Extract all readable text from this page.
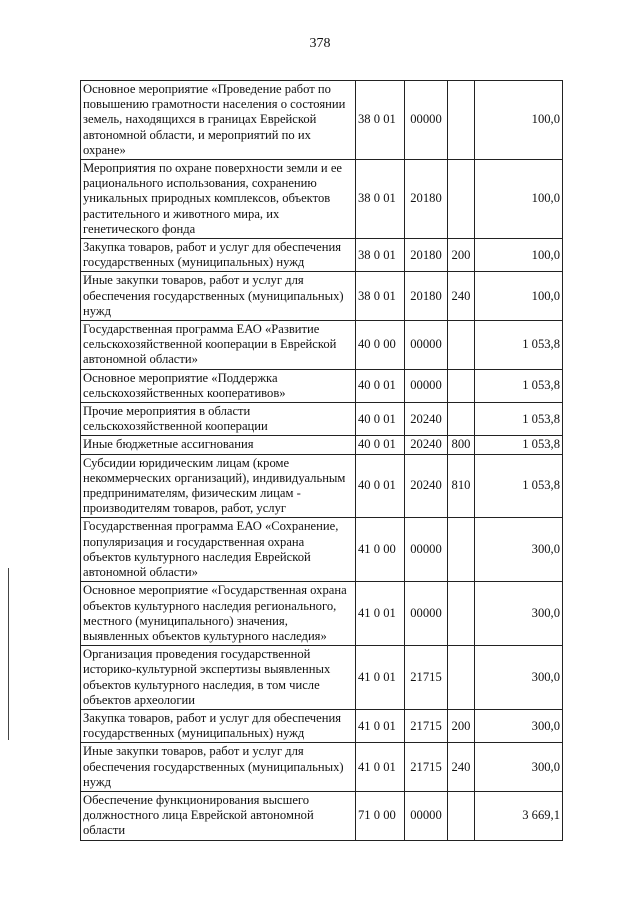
378
Основное мероприятие «Проведение работ по повышению грамотности населения о состоянии земель, находящихся в границах Еврейской автономной области, и мероприятий по их охране»	38 0 01	00000		100,0
Мероприятия по охране поверхности земли и ее рационального использования, сохранению уникальных природных комплексов, объектов растительного и животного мира, их генетического фонда	38 0 01	20180		100,0
Закупка товаров, работ и услуг для обеспечения государственных (муниципальных) нужд	38 0 01	20180	200	100,0
Иные закупки товаров, работ и услуг для обеспечения государственных (муниципальных) нужд	38 0 01	20180	240	100,0
Государственная программа ЕАО «Развитие сельскохозяйственной кооперации в Еврейской автономной области»	40 0 00	00000		1 053,8
Основное мероприятие «Поддержка сельскохозяйственных кооперативов»	40 0 01	00000		1 053,8
Прочие мероприятия в области сельскохозяйственной кооперации	40 0 01	20240		1 053,8
Иные бюджетные ассигнования	40 0 01	20240	800	1 053,8
Субсидии юридическим лицам (кроме некоммерческих организаций), индивидуальным предпринимателям, физическим лицам - производителям товаров, работ, услуг	40 0 01	20240	810	1 053,8
Государственная программа ЕАО «Сохранение, популяризация и государственная охрана объектов культурного наследия Еврейской автономной области»	41 0 00	00000		300,0
Основное мероприятие «Государственная охрана объектов культурного наследия регионального, местного (муниципального) значения, выявленных объектов культурного наследия»	41 0 01	00000		300,0
Организация проведения государственной историко-культурной экспертизы выявленных объектов культурного наследия, в том числе объектов археологии	41 0 01	21715		300,0
Закупка товаров, работ и услуг для обеспечения государственных (муниципальных) нужд	41 0 01	21715	200	300,0
Иные закупки товаров, работ и услуг для обеспечения государственных (муниципальных) нужд	41 0 01	21715	240	300,0
Обеспечение функционирования высшего должностного лица Еврейской автономной области	71 0 00	00000		3 669,1
